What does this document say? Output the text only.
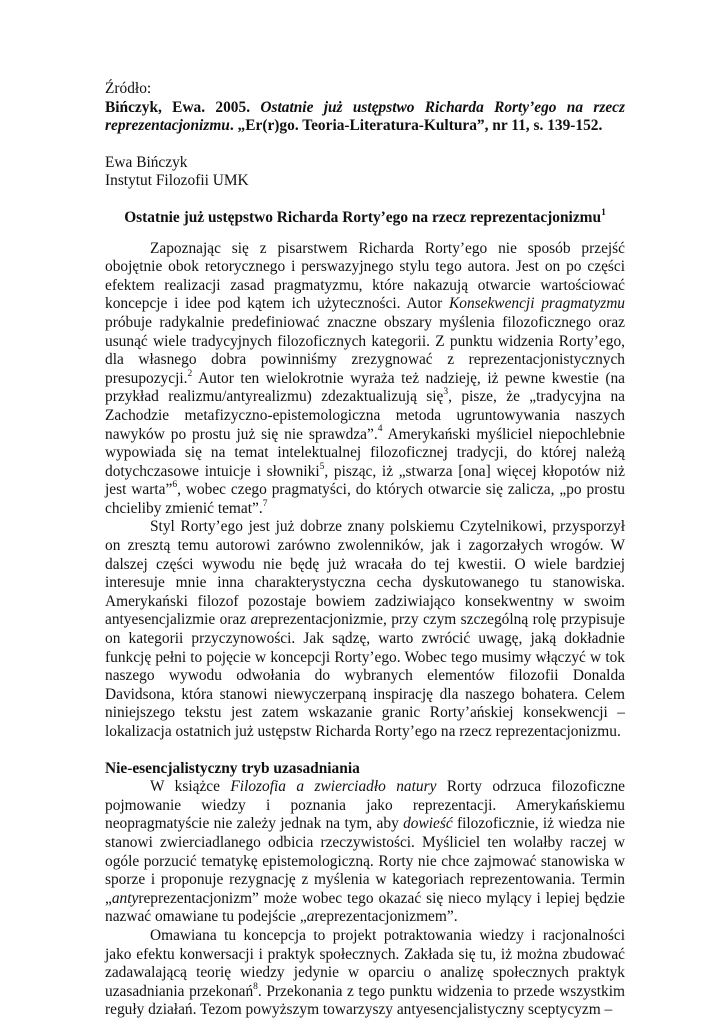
Źródło:

Bińczyk, Ewa. 2005. Ostatnie już ustępstwo Richarda Rorty’ego na rzecz reprezentacjonizmu. „Er(r)go. Teoria-Literatura-Kultura”, nr 11, s. 139-152.

Ewa Bińczyk

Instytut Filozofii UMK

Ostatnie już ustępstwo Richarda Rorty’ego na rzecz reprezentacjonizmu$^1$

Zapoznając się z pisarstwem Richarda Rorty’ego nie sposób przejść obojętnie obok retorycznego i perswazyjnego stylu tego autora. Jest on po części efektem realizacji zasad pragmatyzmu, które nakazują otwarcie wartościować koncepcje i idee pod kątem ich użyteczności. Autor Konsekwencji pragmatyzmu próbuje radykalnie predefiniować znaczne obszary myślenia filozoficznego oraz usunąć wiele tradycyjnych filozoficznych kategorii. Z punktu widzenia Rorty’ego, dla własnego dobra powinniśmy zrezygnować z reprezentacjonistycznych presupozycji.$^2$ Autor ten wielokrotnie wyraża też nadzieję, iż pewne kwestie (na przykład realizmu/antyrealizmu) zdezaktualizują się$^3$, pisze, że „tradycyjna na Zachodzie metafizyczno-epistemologiczna metoda ugruntowywania naszych nawyków po prostu już się nie sprawdza”.$^4$ Amerykański myśliciel niepochlebnie wypowiada się na temat intelektualnej filozoficznej tradycji, do której należą dotychczasowe intuicje i słowniki$^5$, pisząc, iż „stwarza [ona] więcej kłopotów niż jest warta”$^6$, wobec czego pragmatyści, do których otwarcie się zalicza, „po prostu chcieliby zmienić temat”.$^7$

Styl Rorty’ego jest już dobrze znany polskiemu Czytelnikowi, przysporzył on zresztą temu autorowi zarówno zwolenników, jak i zagorzałych wrogów. W dalszej części wywodu nie będę już wracała do tej kwestii. O wiele bardziej interesuje mnie inna charakterystyczna cecha dyskutowanego tu stanowiska. Amerykański filozof pozostaje bowiem zadziwiająco konsekwentny w swoim antyesencjalizmie oraz areprezentacjonizmie, przy czym szczególną rolę przypisuje on kategorii przyczynowości. Jak sądzę, warto zwrócić uwagę, jaką dokładnie funkcję pełni to pojęcie w koncepcji Rorty’ego. Wobec tego musimy włączyć w tok naszego wywodu odwołania do wybranych elementów filozofii Donalda Davidsona, która stanowi niewyczerpaną inspirację dla naszego bohatera. Celem niniejszego tekstu jest zatem wskazanie granic Rorty’ańskiej konsekwencji – lokalizacja ostatnich już ustępstw Richarda Rorty’ego na rzecz reprezentacjonizmu.

Nie-esencjalistyczny tryb uzasadniania

W książce Filozofia a zwierciadło natury Rorty odrzuca filozoficzne pojmowanie wiedzy i poznania jako reprezentacji. Amerykańskiemu neopragmatyście nie zależy jednak na tym, aby dowieść filozoficznie, iż wiedza nie stanowi zwierciadlanego odbicia rzeczywistości. Myśliciel ten wolałby raczej w ogóle porzucić tematykę epistemologiczną. Rorty nie chce zajmować stanowiska w sporze i proponuje rezygnację z myślenia w kategoriach reprezentowania. Termin „antyreprezentacjonizm” może wobec tego okazać się nieco mylący i lepiej będzie nazwać omawiane tu podejście „areprezentacjonizmem”.

Omawiana tu koncepcja to projekt potraktowania wiedzy i racjonalności jako efektu konwersacji i praktyk społecznych. Zakłada się tu, iż można zbudować zadawalającą teorię wiedzy jedynie w oparciu o analizę społecznych praktyk uzasadniania przekonań$^8$. Przekonania z tego punktu widzenia to przede wszystkim reguły działań. Tezom powyższym towarzyszy antyesencjalistyczny sceptycyzm –
